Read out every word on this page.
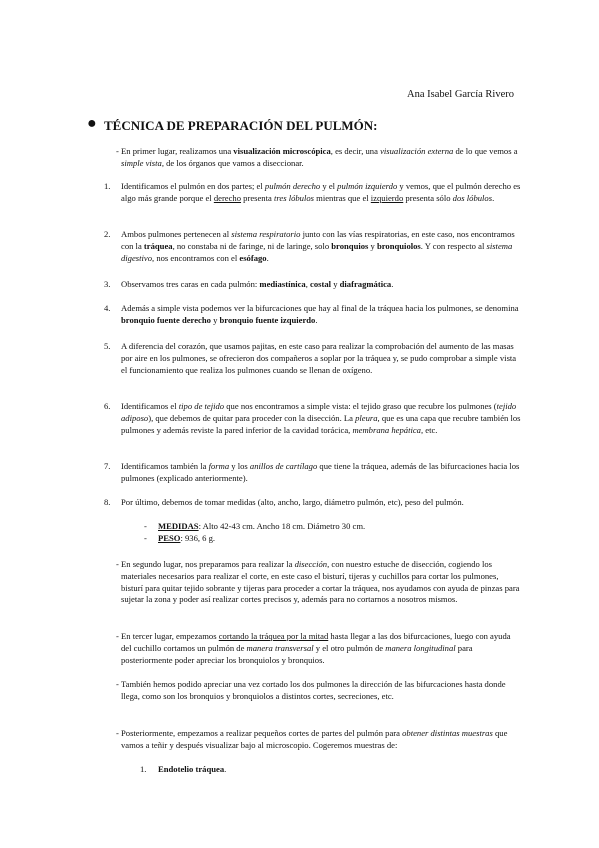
Ana Isabel García Rivero
● TÉCNICA DE PREPARACIÓN DEL PULMÓN:
- En primer lugar, realizamos una visualización microscópica, es decir, una visualización externa de lo que vemos a simple vista, de los órganos que vamos a diseccionar.
1. Identificamos el pulmón en dos partes; el pulmón derecho y el pulmón izquierdo y vemos, que el pulmón derecho es algo más grande porque el derecho presenta tres lóbulos mientras que el izquierdo presenta sólo dos lóbulos.
2. Ambos pulmones pertenecen al sistema respiratorio junto con las vías respiratorias, en este caso, nos encontramos con la tráquea, no constaba ni de faringe, ni de laringe, solo bronquios y bronquiolos. Y con respecto al sistema digestivo, nos encontramos con el esófago.
3. Observamos tres caras en cada pulmón: mediastínica, costal y diafragmática.
4. Además a simple vista podemos ver la bifurcaciones que hay al final de la tráquea hacia los pulmones, se denomina bronquio fuente derecho y bronquio fuente izquierdo.
5. A diferencia del corazón, que usamos pajitas, en este caso para realizar la comprobación del aumento de las masas por aire en los pulmones, se ofrecieron dos compañeros a soplar por la tráquea y, se pudo comprobar a simple vista el funcionamiento que realiza los pulmones cuando se llenan de oxígeno.
6. Identificamos el tipo de tejido que nos encontramos a simple vista: el tejido graso que recubre los pulmones (tejido adiposo), que debemos de quitar para proceder con la disección. La pleura, que es una capa que recubre también los pulmones y además reviste la pared inferior de la cavidad torácica, membrana hepática, etc.
7. Identificamos también la forma y los anillos de cartílago que tiene la tráquea, además de las bifurcaciones hacia los pulmones (explicado anteriormente).
8. Por último, debemos de tomar medidas (alto, ancho, largo, diámetro pulmón, etc), peso del pulmón.
- En segundo lugar, nos preparamos para realizar la disección, con nuestro estuche de disección, cogiendo los materiales necesarios para realizar el corte, en este caso el bisturí, tijeras y cuchillos para cortar los pulmones, bisturí para quitar tejido sobrante y tijeras para proceder a cortar la tráquea, nos ayudamos con ayuda de pinzas para sujetar la zona y poder así realizar cortes precisos y, además para no cortarnos a nosotros mismos.
- En tercer lugar, empezamos cortando la tráquea por la mitad hasta llegar a las dos bifurcaciones, luego con ayuda del cuchillo cortamos un pulmón de manera transversal y el otro pulmón de manera longitudinal para posteriormente poder apreciar los bronquiolos y bronquios.
- También hemos podido apreciar una vez cortado los dos pulmones la dirección de las bifurcaciones hasta donde llega, como son los bronquios y bronquiolos a distintos cortes, secreciones, etc.
- Posteriormente, empezamos a realizar pequeños cortes de partes del pulmón para obtener distintas muestras que vamos a teñir y después visualizar bajo al microscopio. Cogeremos muestras de:
- MEDIDAS: Alto 42-43 cm. Ancho 18 cm. Diámetro 30 cm.
- PESO: 936, 6 g.
1. Endotelio tráquea.
